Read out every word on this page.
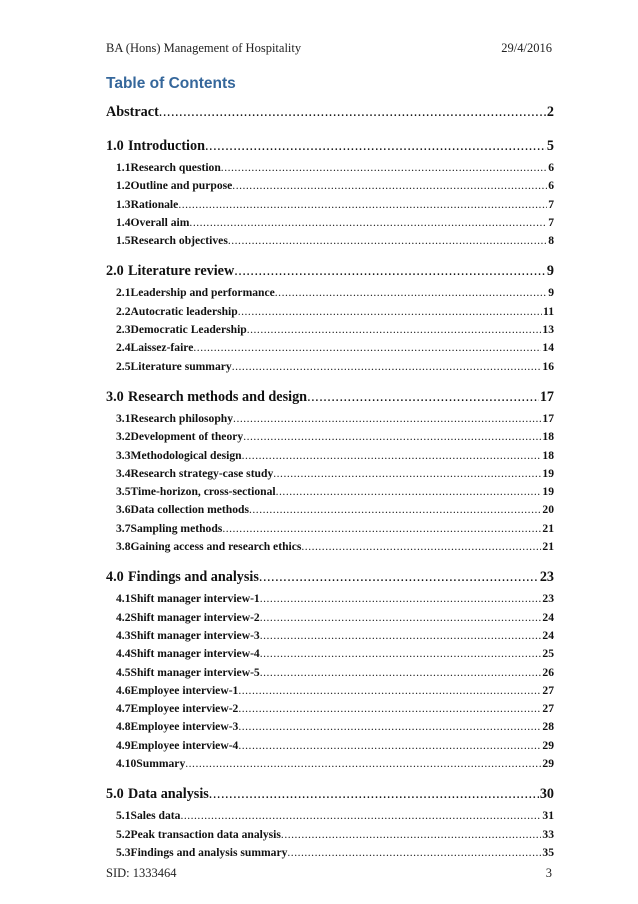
BA (Hons) Management of Hospitality	29/4/2016
Table of Contents
Abstract .....	2
1.0 Introduction .....	5
1.1 Research question .....	6
1.2 Outline and purpose .....	6
1.3 Rationale .....	7
1.4 Overall aim .....	7
1.5 Research objectives .....	8
2.0 Literature review .....	9
2.1 Leadership and performance .....	9
2.2 Autocratic leadership .....	11
2.3 Democratic Leadership .....	13
2.4 Laissez-faire .....	14
2.5 Literature summary .....	16
3.0 Research methods and design .....	17
3.1 Research philosophy .....	17
3.2 Development of theory .....	18
3.3 Methodological design .....	18
3.4 Research strategy-case study .....	19
3.5 Time-horizon, cross-sectional .....	19
3.6 Data collection methods .....	20
3.7 Sampling methods .....	21
3.8 Gaining access and research ethics .....	21
4.0 Findings and analysis .....	23
4.1 Shift manager interview-1 .....	23
4.2 Shift manager interview-2 .....	24
4.3 Shift manager interview-3 .....	24
4.4 Shift manager interview-4 .....	25
4.5 Shift manager interview-5 .....	26
4.6 Employee interview-1 .....	27
4.7 Employee interview-2 .....	27
4.8 Employee interview-3 .....	28
4.9 Employee interview-4 .....	29
4.10 Summary .....	29
5.0 Data analysis .....	30
5.1 Sales data .....	31
5.2 Peak transaction data analysis .....	33
5.3 Findings and analysis summary .....	35
SID: 1333464	3
